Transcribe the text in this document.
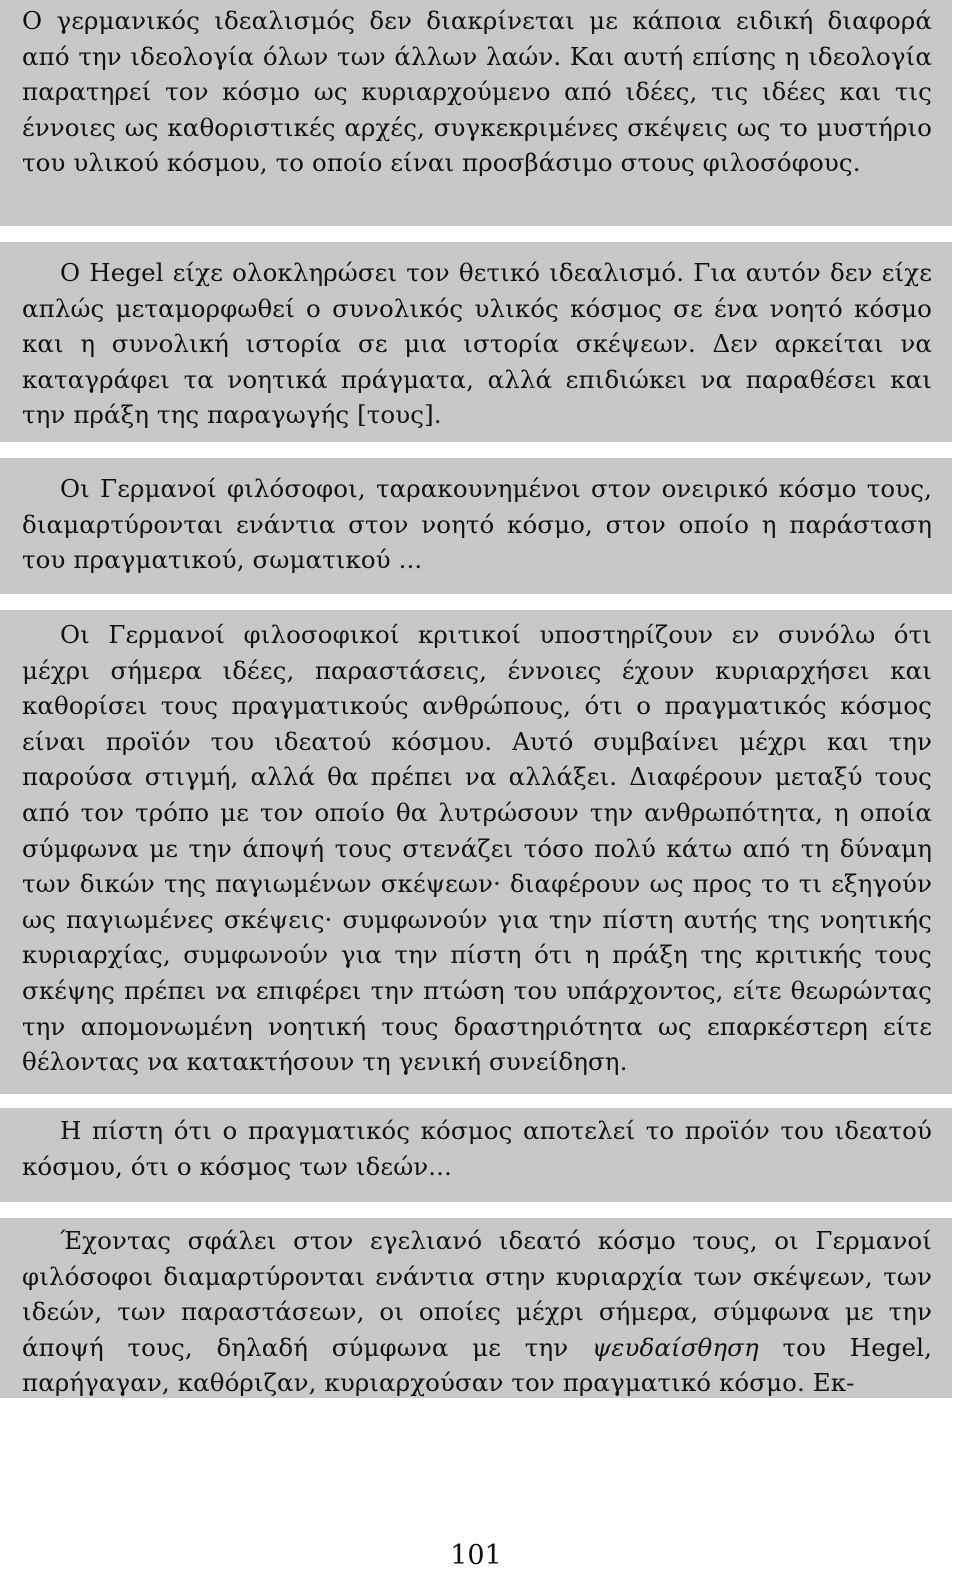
Ο γερμανικός ιδεαλισμός δεν διακρίνεται με κάποια ειδική διαφορά από την ιδεολογία όλων των άλλων λαών. Και αυτή επίσης η ιδεολογία παρατηρεί τον κόσμο ως κυριαρχούμενο από ιδέες, τις ιδέες και τις έννοιες ως καθοριστικές αρχές, συγκεκριμένες σκέψεις ως το μυστήριο του υλικού κόσμου, το οποίο είναι προσβάσιμο στους φιλοσόφους.

Ο Hegel είχε ολοκληρώσει τον θετικό ιδεαλισμό. Για αυτόν δεν είχε απλώς μεταμορφωθεί ο συνολικός υλικός κόσμος σε ένα νοητό κόσμο και η συνολική ιστορία σε μια ιστορία σκέψεων. Δεν αρκείται να καταγράφει τα νοητικά πράγματα, αλλά επιδιώκει να παραθέσει και την πράξη της παραγωγής [τους].

Οι Γερμανοί φιλόσοφοι, ταρακουνημένοι στον ονειρικό κόσμο τους, διαμαρτύρονται ενάντια στον νοητό κόσμο, στον οποίο η παράσταση του πραγματικού, σωματικού ...

Οι Γερμανοί φιλοσοφικοί κριτικοί υποστηρίζουν εν συνόλω ότι μέχρι σήμερα ιδέες, παραστάσεις, έννοιες έχουν κυριαρχήσει και καθορίσει τους πραγματικούς ανθρώπους, ότι ο πραγματικός κόσμος είναι προϊόν του ιδεατού κόσμου. Αυτό συμβαίνει μέχρι και την παρούσα στιγμή, αλλά θα πρέπει να αλλάξει. Διαφέρουν μεταξύ τους από τον τρόπο με τον οποίο θα λυτρώσουν την ανθρωπότητα, η οποία σύμφωνα με την άποψή τους στενάζει τόσο πολύ κάτω από τη δύναμη των δικών της παγιωμένων σκέψεων· διαφέρουν ως προς το τι εξηγούν ως παγιωμένες σκέψεις· συμφωνούν για την πίστη αυτής της νοητικής κυριαρχίας, συμφωνούν για την πίστη ότι η πράξη της κριτικής τους σκέψης πρέπει να επιφέρει την πτώση του υπάρχοντος, είτε θεωρώντας την απομονωμένη νοητική τους δραστηριότητα ως επαρκέστερη είτε θέλοντας να κατακτήσουν τη γενική συνείδηση.

Η πίστη ότι ο πραγματικός κόσμος αποτελεί το προϊόν του ιδεατού κόσμου, ότι ο κόσμος των ιδεών...

Έχοντας σφάλει στον εγελιανό ιδεατό κόσμο τους, οι Γερμανοί φιλόσοφοι διαμαρτύρονται ενάντια στην κυριαρχία των σκέψεων, των ιδεών, των παραστάσεων, οι οποίες μέχρι σήμερα, σύμφωνα με την άποψή τους, δηλαδή σύμφωνα με την ψευδαίσθηση του Hegel, παρήγαγαν, καθόριζαν, κυριαρχούσαν τον πραγματικό κόσμο. Εκ-

101
